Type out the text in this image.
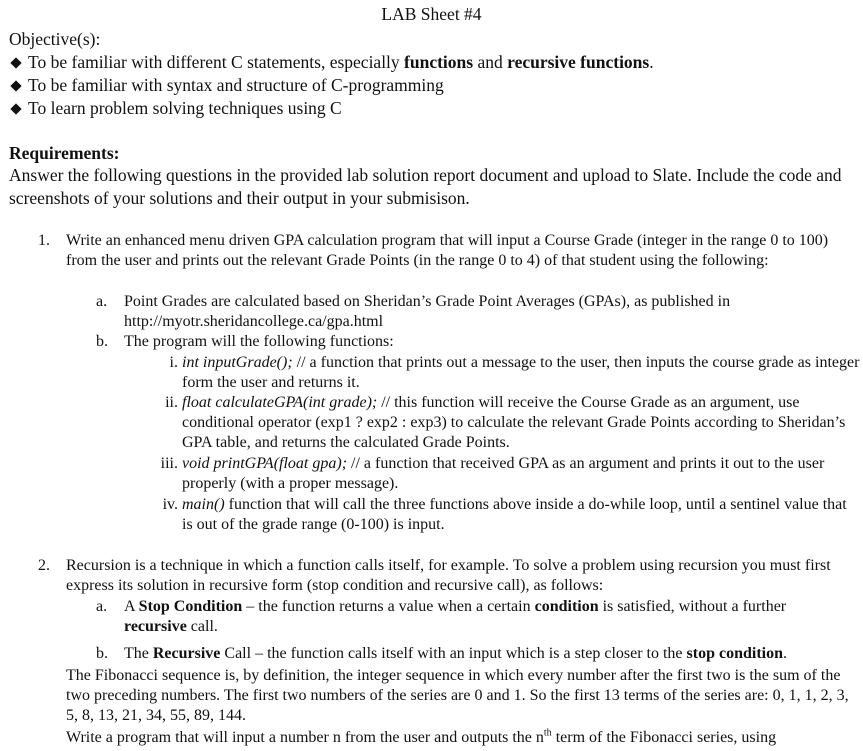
LAB Sheet #4
Objective(s):
To be familiar with different C statements, especially functions and recursive functions.
To be familiar with syntax and structure of C-programming
To learn problem solving techniques using C
Requirements:
Answer the following questions in the provided lab solution report document and upload to Slate. Include the code and screenshots of your solutions and their output in your submisison.
1. Write an enhanced menu driven GPA calculation program that will input a Course Grade (integer in the range 0 to 100) from the user and prints out the relevant Grade Points (in the range 0 to 4) of that student using the following:
a. Point Grades are calculated based on Sheridan’s Grade Point Averages (GPAs), as published in http://myotr.sheridancollege.ca/gpa.html
b. The program will the following functions:
i. int inputGrade(); // a function that prints out a message to the user, then inputs the course grade as integer form the user and returns it.
ii. float calculateGPA(int grade); // this function will receive the Course Grade as an argument, use conditional operator (exp1 ? exp2 : exp3) to calculate the relevant Grade Points according to Sheridan’s GPA table, and returns the calculated Grade Points.
iii. void printGPA(float gpa); // a function that received GPA as an argument and prints it out to the user properly (with a proper message).
iv. main() function that will call the three functions above inside a do-while loop, until a sentinel value that is out of the grade range (0-100) is input.
2. Recursion is a technique in which a function calls itself, for example. To solve a problem using recursion you must first express its solution in recursive form (stop condition and recursive call), as follows:
a. A Stop Condition – the function returns a value when a certain condition is satisfied, without a further recursive call.
b. The Recursive Call – the function calls itself with an input which is a step closer to the stop condition.
The Fibonacci sequence is, by definition, the integer sequence in which every number after the first two is the sum of the two preceding numbers. The first two numbers of the series are 0 and 1. So the first 13 terms of the series are: 0, 1, 1, 2, 3, 5, 8, 13, 21, 34, 55, 89, 144.
Write a program that will input a number n from the user and outputs the $n^{th}$ term of the Fibonacci series, using
